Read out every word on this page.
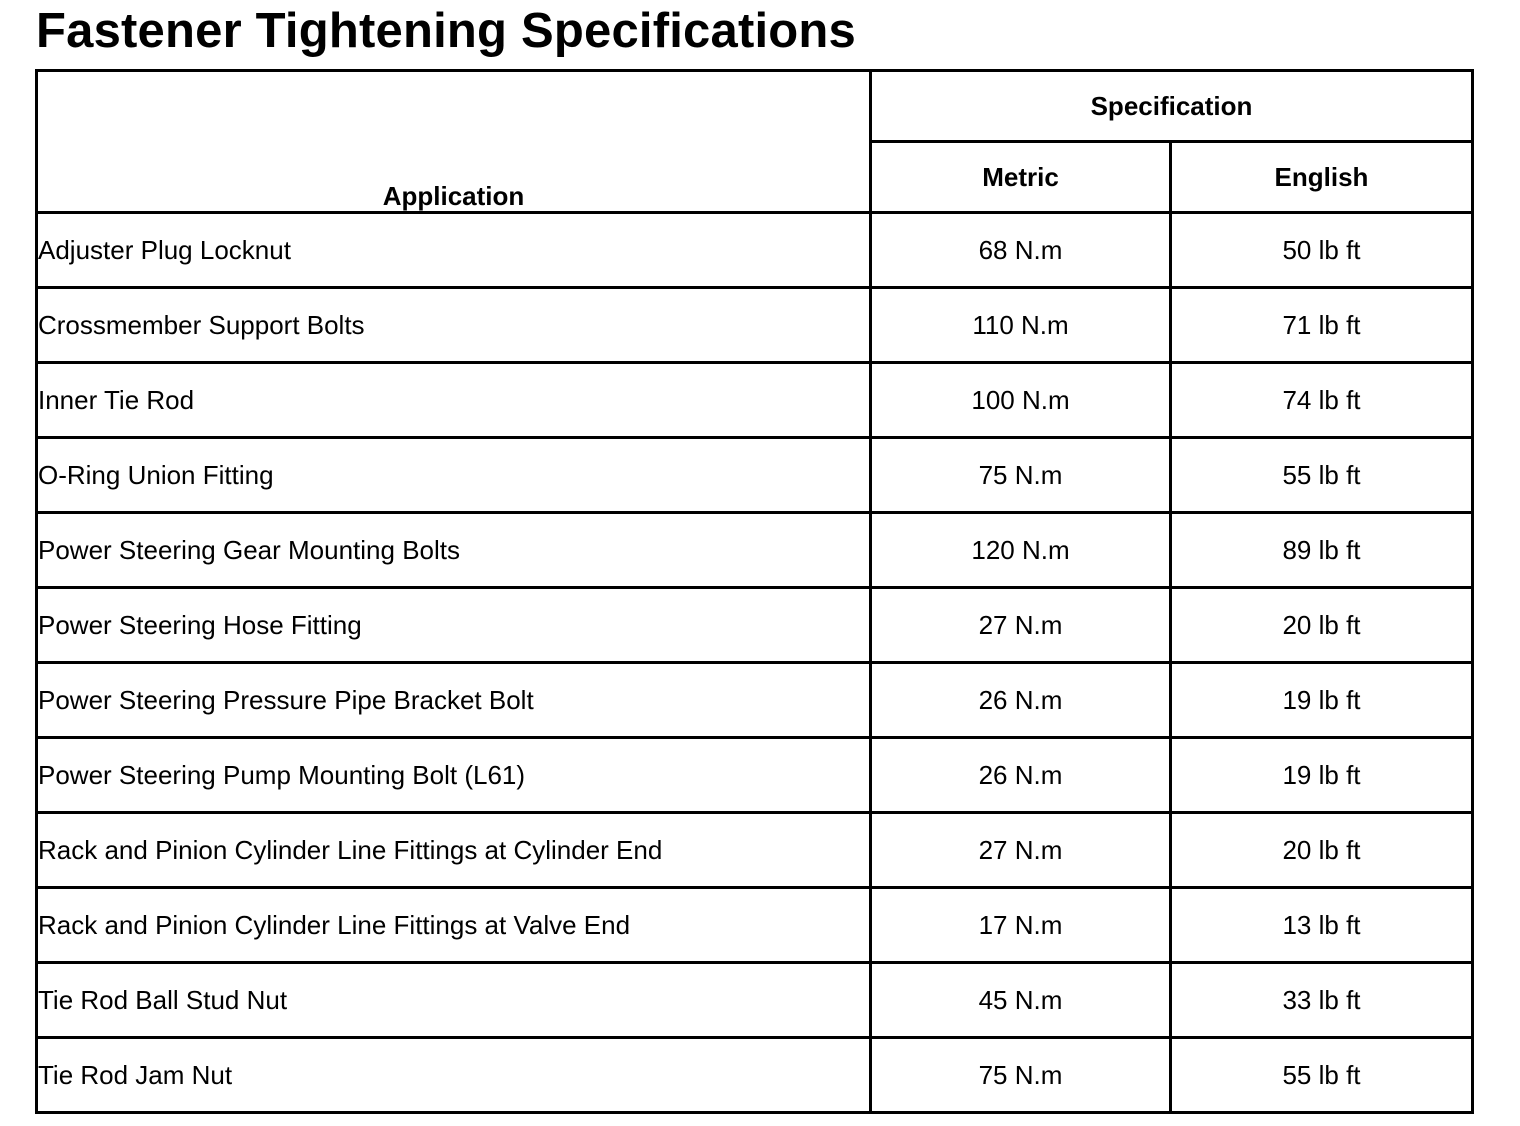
Fastener Tightening Specifications
Application	Specification	
	Metric	English
Adjuster Plug Locknut	68 N.m	50 lb ft
Crossmember Support Bolts	110 N.m	71 lb ft
Inner Tie Rod	100 N.m	74 lb ft
O-Ring Union Fitting	75 N.m	55 lb ft
Power Steering Gear Mounting Bolts	120 N.m	89 lb ft
Power Steering Hose Fitting	27 N.m	20 lb ft
Power Steering Pressure Pipe Bracket Bolt	26 N.m	19 lb ft
Power Steering Pump Mounting Bolt (L61)	26 N.m	19 lb ft
Rack and Pinion Cylinder Line Fittings at Cylinder End	27 N.m	20 lb ft
Rack and Pinion Cylinder Line Fittings at Valve End	17 N.m	13 lb ft
Tie Rod Ball Stud Nut	45 N.m	33 lb ft
Tie Rod Jam Nut	75 N.m	55 lb ft
